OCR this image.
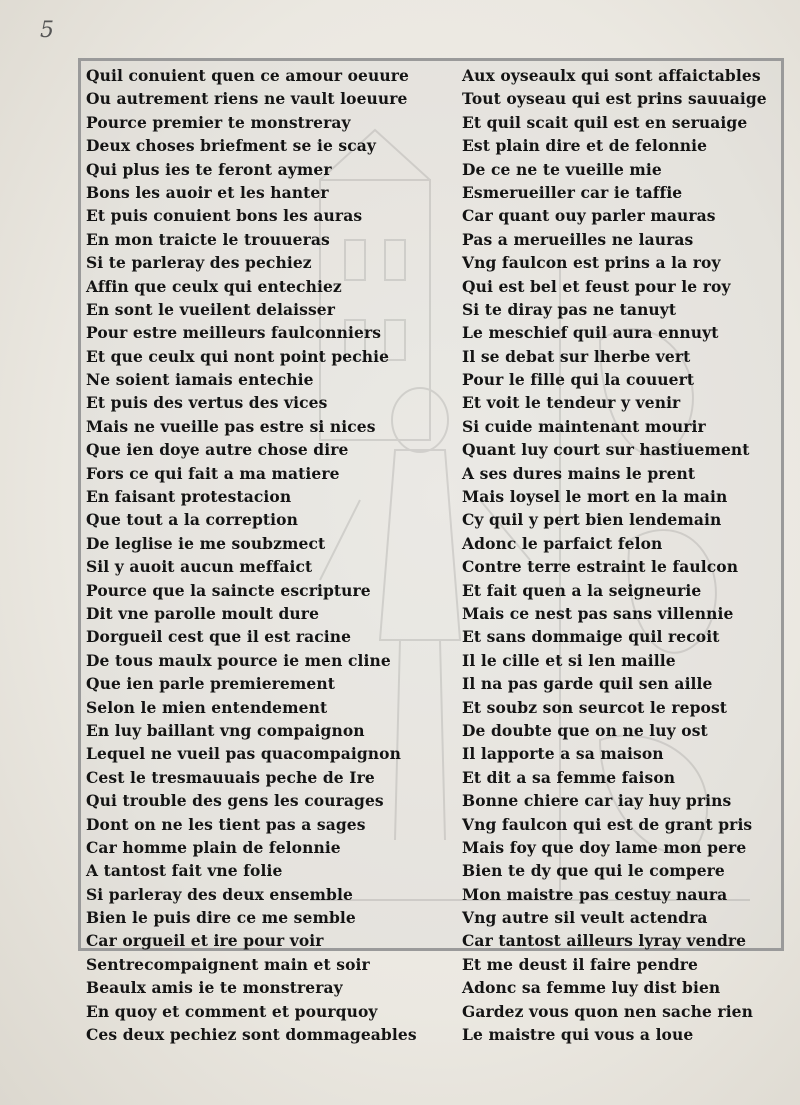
5
Quil conuient quen ce amour oeuure
Ou autrement riens ne vault loeuure
Pource premier te monstreray
Deux choses briefment se ie scay
Qui plus ies te feront aymer
Bons les auoir et les hanter
Et puis conuient bons les auras
En mon traicte le trouueras
Si te parleray des pechiez
Affin que ceulx qui entechiez
En sont le vueilent delaisser
Pour estre meilleurs faulconniers
Et que ceulx qui nont point pechie
Ne soient iamais entechie
Et puis des vertus des vices
Mais ne vueille pas estre si nices
Que ien doye autre chose dire
Fors ce qui fait a ma matiere
En faisant protestacion
Que tout a la correption
De leglise ie me soubzmect
Sil y auoit aucun meffaict
Pource que la saincte escripture
Dit vne parolle moult dure
Dorgueil cest que il est racine
De tous maulx pource ie men cline
Que ien parle premierement
Selon le mien entendement
En luy baillant vng compaignon
Lequel ne vueil pas quacompaignon
Cest le tresmauuais peche de Ire
Qui trouble des gens les courages
Dont on ne les tient pas a sages
Car homme plain de felonnie
A tantost fait vne folie
Si parleray des deux ensemble
Bien le puis dire ce me semble
Car orgueil et ire pour voir
Sentrecompaignent main et soir
Beaulx amis ie te monstreray
En quoy et comment et pourquoy
Ces deux pechiez sont dommageables
Aux oyseaulx qui sont affaictables
Tout oyseau qui est prins sauuaige
Et quil scait quil est en seruaige
Est plain dire et de felonnie
De ce ne te vueille mie
Esmerueiller car ie taffie
Car quant ouy parler mauras
Pas a merueilles ne lauras
Vng faulcon est prins a la roy
Qui est bel et feust pour le roy
Si te diray pas ne tanuyt
Le meschief quil aura ennuyt
Il se debat sur lherbe vert
Pour le fille qui la couuert
Et voit le tendeur y venir
Si cuide maintenant mourir
Quant luy court sur hastiuement
A ses dures mains le prent
Mais loysel le mort en la main
Cy quil y pert bien lendemain
Adonc le parfaict felon
Contre terre estraint le faulcon
Et fait quen a la seigneurie
Mais ce nest pas sans villennie
Et sans dommaige quil recoit
Il le cille et si len maille
Il na pas garde quil sen aille
Et soubz son seurcot le repost
De doubte que on ne luy ost
Il lapporte a sa maison
Et dit a sa femme faison
Bonne chiere car iay huy prins
Vng faulcon qui est de grant pris
Mais foy que doy lame mon pere
Bien te dy que qui le compere
Mon maistre pas cestuy naura
Vng autre sil veult actendra
Car tantost ailleurs lyray vendre
Et me deust il faire pendre
Adonc sa femme luy dist bien
Gardez vous quon nen sache rien
Le maistre qui vous a loue
